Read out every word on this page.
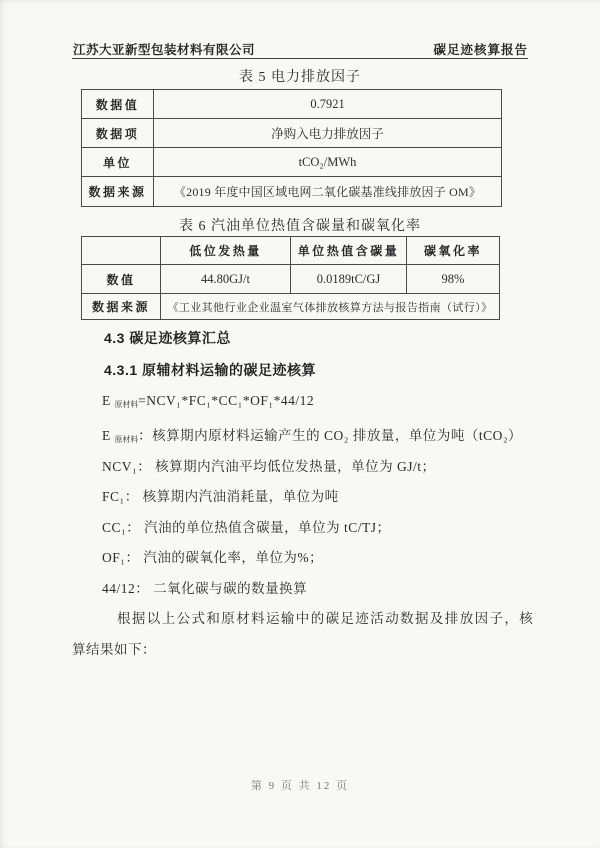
江苏大亚新型包装材料有限公司	碳足迹核算报告
表 5 电力排放因子
数据值	0.7921
数据项	净购入电力排放因子
单位	tCO₂/MWh
数据来源	《2019 年度中国区域电网二氧化碳基准线排放因子 OM》
表 6 汽油单位热值含碳量和碳氧化率
	低位发热量	单位热值含碳量	碳氧化率
数值	44.80GJ/t	0.0189tC/GJ	98%
数据来源	《工业其他行业企业温室气体排放核算方法与报告指南（试行）》		
4.3 碳足迹核算汇总
4.3.1 原辅材料运输的碳足迹核算
E $_{原材料}$=NCV₁*FC₁*CC₁*OF₁*44/12
E $_{原材料}$：核算期内原材料运输产生的 CO₂ 排放量，单位为吨（tCO₂）
NCV₁： 核算期内汽油平均低位发热量，单位为 GJ/t；
FC₁： 核算期内汽油消耗量，单位为吨
CC₁： 汽油的单位热值含碳量，单位为 tC/TJ；
OF₁： 汽油的碳氧化率，单位为%；
44/12： 二氧化碳与碳的数量换算
根据以上公式和原材料运输中的碳足迹活动数据及排放因子，核
算结果如下：
第 9 页 共 12 页
